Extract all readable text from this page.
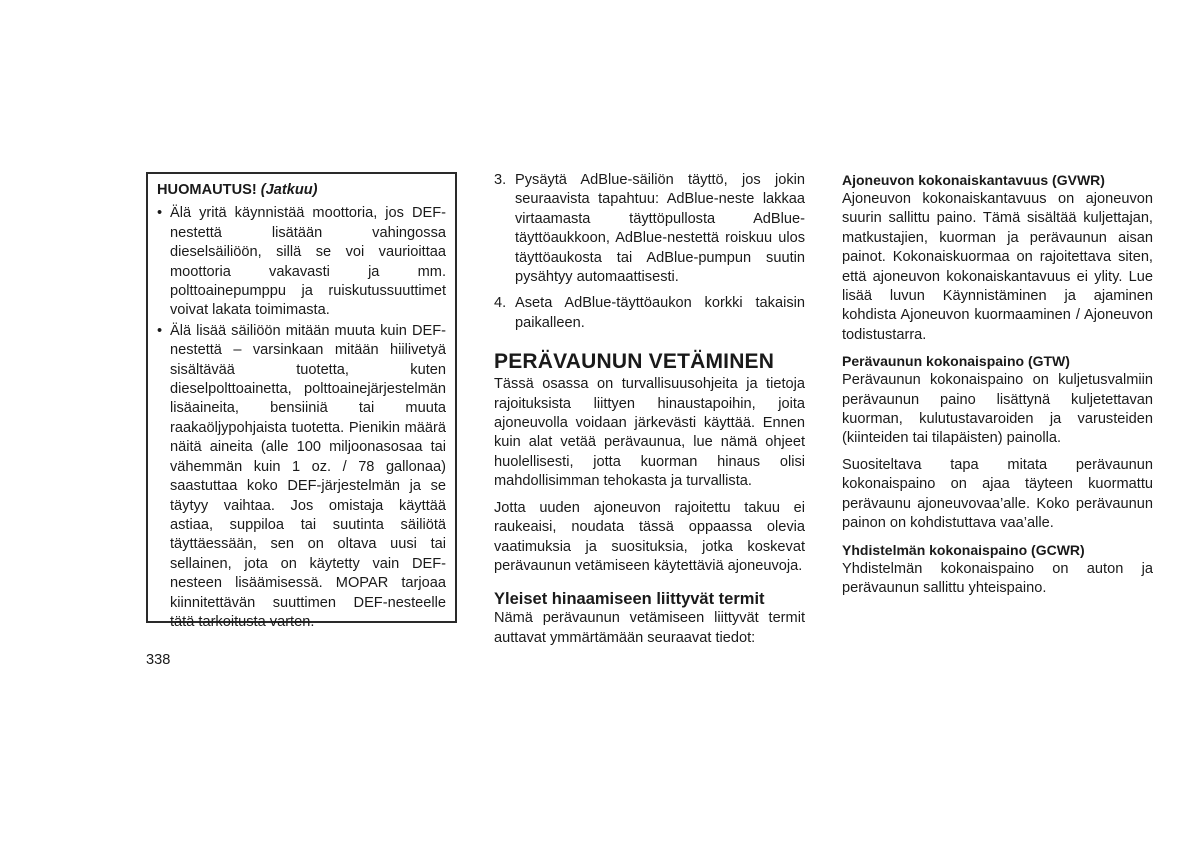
HUOMAUTUS! (Jatkuu)
• Älä yritä käynnistää moottoria, jos DEF-nestettä lisätään vahingossa dieselsäiliöön, sillä se voi vaurioittaa moottoria vakavasti ja mm. polttoainepumppu ja ruiskutussuuttimet voivat lakata toimimasta.
• Älä lisää säiliöön mitään muuta kuin DEF-nestettä – varsinkaan mitään hiilivetyä sisältävää tuotetta, kuten dieselpolttoainetta, polttoainejärjestelmän lisäaineita, bensiiniä tai muuta raakaöljypohjaista tuotetta. Pienikin määrä näitä aineita (alle 100 miljoonasosaa tai vähemmän kuin 1 oz. / 78 gallonaa) saastuttaa koko DEF-järjestelmän ja se täytyy vaihtaa. Jos omistaja käyttää astiaa, suppiloa tai suutinta säiliötä täyttäessään, sen on oltava uusi tai sellainen, jota on käytetty vain DEF-nesteen lisäämisessä. MOPAR tarjoaa kiinnitettävän suuttimen DEF-nesteelle tätä tarkoitusta varten.
338
3. Pysäytä AdBlue-säiliön täyttö, jos jokin seuraavista tapahtuu: AdBlue-neste lakkaa virtaamasta täyttöpullosta AdBlue-täyttöaukkoon, AdBlue-nestettä roiskuu ulos täyttöaukosta tai AdBlue-pumpun suutin pysähtyy automaattisesti.
4. Aseta AdBlue-täyttöaukon korkki takaisin paikalleen.
PERÄVAUNUN VETÄMINEN

Tässä osassa on turvallisuusohjeita ja tietoja rajoituksista liittyen hinaustapoihin, joita ajoneuvolla voidaan järkevästi käyttää. Ennen kuin alat vetää perävaunua, lue nämä ohjeet huolellisesti, jotta kuorman hinaus olisi mahdollisimman tehokasta ja turvallista.

Jotta uuden ajoneuvon rajoitettu takuu ei raukeaisi, noudata tässä oppaassa olevia vaatimuksia ja suosituksia, jotka koskevat perävaunun vetämiseen käytettäviä ajoneuvoja.

Yleiset hinaamiseen liittyvät termit

Nämä perävaunun vetämiseen liittyvät termit auttavat ymmärtämään seuraavat tiedot:

Ajoneuvon kokonaiskantavuus (GVWR)
Ajoneuvon kokonaiskantavuus on ajoneuvon suurin sallittu paino. Tämä sisältää kuljettajan, matkustajien, kuorman ja perävaunun aisan painot. Kokonaiskuormaa on rajoitettava siten, että ajoneuvon kokonaiskantavuus ei ylity. Lue lisää luvun Käynnistäminen ja ajaminen kohdista Ajoneuvon kuormaaminen / Ajoneuvon todistustarra.
Perävaunun kokonaispaino (GTW)
Perävaunun kokonaispaino on kuljetusvalmiin perävaunun paino lisättynä kuljetettavan kuorman, kulutustavaroiden ja varusteiden (kiinteiden tai tilapäisten) painolla.
Suositeltava tapa mitata perävaunun kokonaispaino on ajaa täyteen kuormattu perävaunu ajoneuvovaa’alle. Koko perävaunun painon on kohdistuttava vaa’alle.
Yhdistelmän kokonaispaino (GCWR)
Yhdistelmän kokonaispaino on auton ja perävaunun sallittu yhteispaino.
